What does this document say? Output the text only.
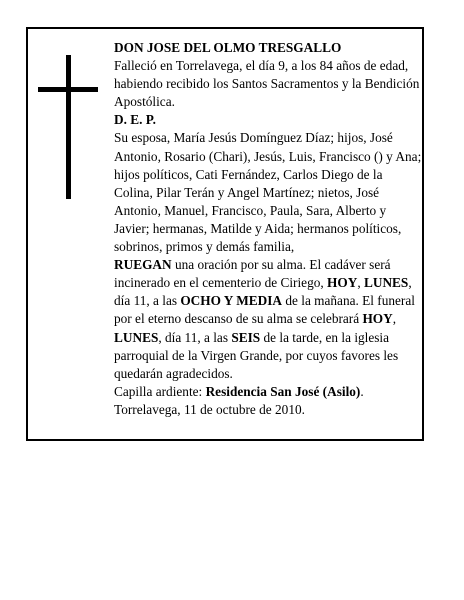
DON JOSE DEL OLMO TRESGALLO

Falleció en Torrelavega, el día 9, a los 84 años de edad, habiendo recibido los Santos Sacramentos y la Bendición Apostólica.

D. E. P.

Su esposa, María Jesús Domínguez Díaz; hijos, José Antonio, Rosario (Chari), Jesús, Luis, Francisco () y Ana; hijos políticos, Cati Fernández, Carlos Diego de la Colina, Pilar Terán y Angel Martínez; nietos, José Antonio, Manuel, Francisco, Paula, Sara, Alberto y Javier; hermanas, Matilde y Aida; hermanos políticos, sobrinos, primos y demás familia,

RUEGAN una oración por su alma. El cadáver será incinerado en el cementerio de Ciriego, HOY, LUNES, día 11, a las OCHO Y MEDIA de la mañana. El funeral por el eterno descanso de su alma se celebrará HOY, LUNES, día 11, a las SEIS de la tarde, en la iglesia parroquial de la Virgen Grande, por cuyos favores les quedarán agradecidos.

Capilla ardiente: Residencia San José (Asilo).

Torrelavega, 11 de octubre de 2010.
